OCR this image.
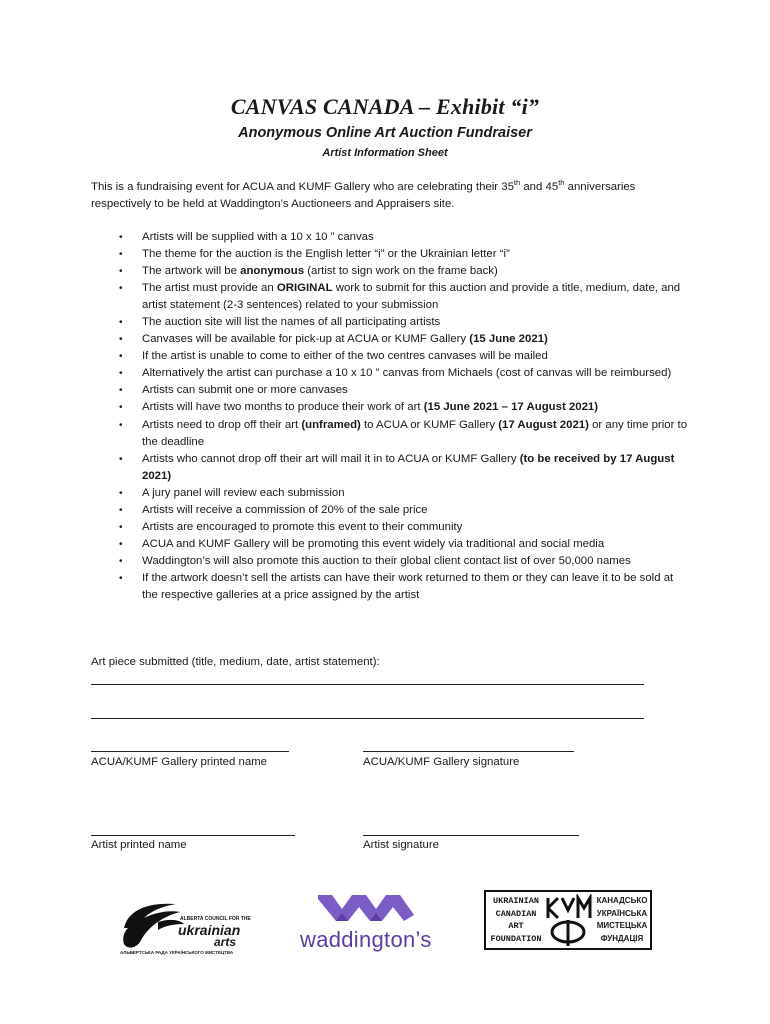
CANVAS CANADA – Exhibit “i”
Anonymous Online Art Auction Fundraiser
Artist Information Sheet
This is a fundraising event for ACUA and KUMF Gallery who are celebrating their 35th and 45th anniversaries respectively to be held at Waddington’s Auctioneers and Appraisers site.
• Artists will be supplied with a 10 x 10 ” canvas
• The theme for the auction is the English letter “i” or the Ukrainian letter “i”
• The artwork will be anonymous (artist to sign work on the frame back)
• The artist must provide an ORIGINAL work to submit for this auction and provide a title, medium, date, and artist statement (2-3 sentences) related to your submission
• The auction site will list the names of all participating artists
• Canvases will be available for pick-up at ACUA or KUMF Gallery (15 June 2021)
• If the artist is unable to come to either of the two centres canvases will be mailed
• Alternatively the artist can purchase a 10 x 10 ” canvas from Michaels (cost of canvas will be reimbursed)
• Artists can submit one or more canvases
• Artists will have two months to produce their work of art (15 June 2021 – 17 August 2021)
• Artists need to drop off their art (unframed) to ACUA or KUMF Gallery (17 August 2021) or any time prior to the deadline
• Artists who cannot drop off their art will mail it in to ACUA or KUMF Gallery (to be received by 17 August 2021)
• A jury panel will review each submission
• Artists will receive a commission of 20% of the sale price
• Artists are encouraged to promote this event to their community
• ACUA and KUMF Gallery will be promoting this event widely via traditional and social media
• Waddington’s will also promote this auction to their global client contact list of over 50,000 names
• If the artwork doesn’t sell the artists can have their work returned to them or they can leave it to be sold at the respective galleries at a price assigned by the artist
Art piece submitted (title, medium, date, artist statement):
ACUA/KUMF Gallery printed name	ACUA/KUMF Gallery signature
Artist printed name	Artist signature
ALBERTA COUNCIL FOR THE
ukrainian
arts
АЛЬБЕРТСЬКА РАДА УКРАЇНСЬКОГО МИСТЕЦТВА
waddington’s
UKRAINIAN
CANADIAN
ART
FOUNDATION
КАНАДСЬКО
УКРАЇНСЬКА
МИСТЕЦЬКА
ФУНДАЦІЯ
